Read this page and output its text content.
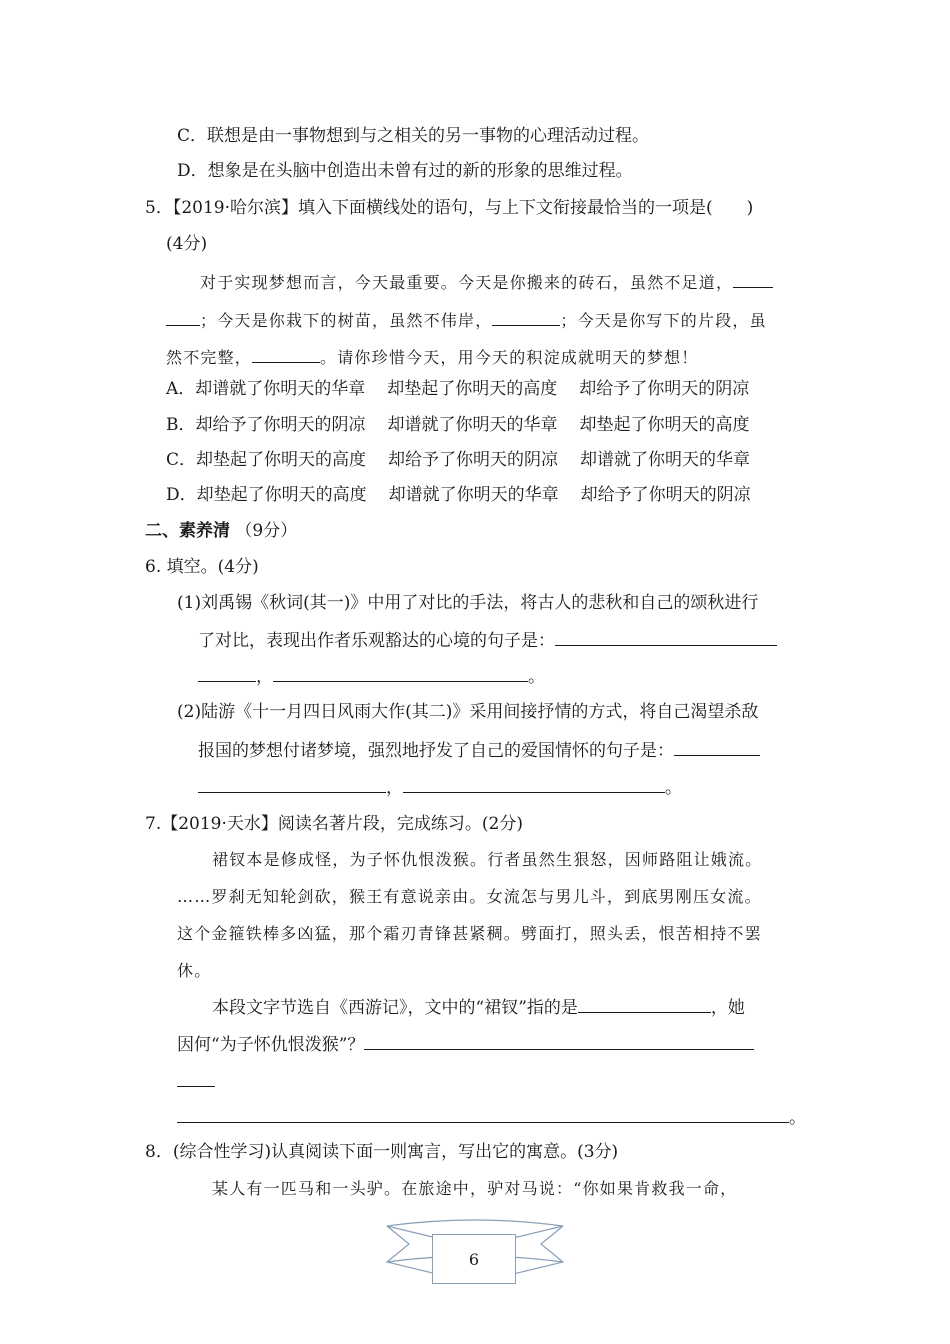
C．联想是由一事物想到与之相关的另一事物的心理活动过程。
D．想象是在头脑中创造出未曾有过的新的形象的思维过程。
5．【2019·哈尔滨】填入下面横线处的语句，与上下文衔接最恰当的一项是(　　)
(4分)
对于实现梦想而言，今天最重要。今天是你搬来的砖石，虽然不足道，
；今天是你栽下的树苗，虽然不伟岸，	；今天是你写下的片段，虽
然不完整，	。请你珍惜今天，用今天的积淀成就明天的梦想！
A．却谱就了你明天的华章 却垫起了你明天的高度 却给予了你明天的阴凉
B．却给予了你明天的阴凉 却谱就了你明天的华章 却垫起了你明天的高度
C．却垫起了你明天的高度 却给予了你明天的阴凉 却谱就了你明天的华章
D．却垫起了你明天的高度 却谱就了你明天的华章 却给予了你明天的阴凉
二、素养清 （9分）
6. 填空。(4分)
(1)刘禹锡《秋词(其一)》中用了对比的手法，将古人的悲秋和自己的颂秋进行
了对比，表现出作者乐观豁达的心境的句子是：
，	。
(2)陆游《十一月四日风雨大作(其二)》采用间接抒情的方式，将自己渴望杀敌
报国的梦想付诸梦境，强烈地抒发了自己的爱国情怀的句子是：
，	。
7.【2019·天水】阅读名著片段，完成练习。(2分)
裙钗本是修成怪，为子怀仇恨泼猴。行者虽然生狠怒，因师路阻让娥流。
……罗刹无知轮剑砍，猴王有意说亲由。女流怎与男儿斗，到底男刚压女流。
这个金箍铁棒多凶猛，那个霜刃青锋甚紧稠。劈面打，照头丢，恨苦相持不罢
休。
本段文字节选自《西游记》，文中的“裙钗”指的是	，她
因何“为子怀仇恨泼猴”？
。
8．(综合性学习)认真阅读下面一则寓言，写出它的寓意。(3分)
某人有一匹马和一头驴。在旅途中，驴对马说：“你如果肯救我一命，
6
